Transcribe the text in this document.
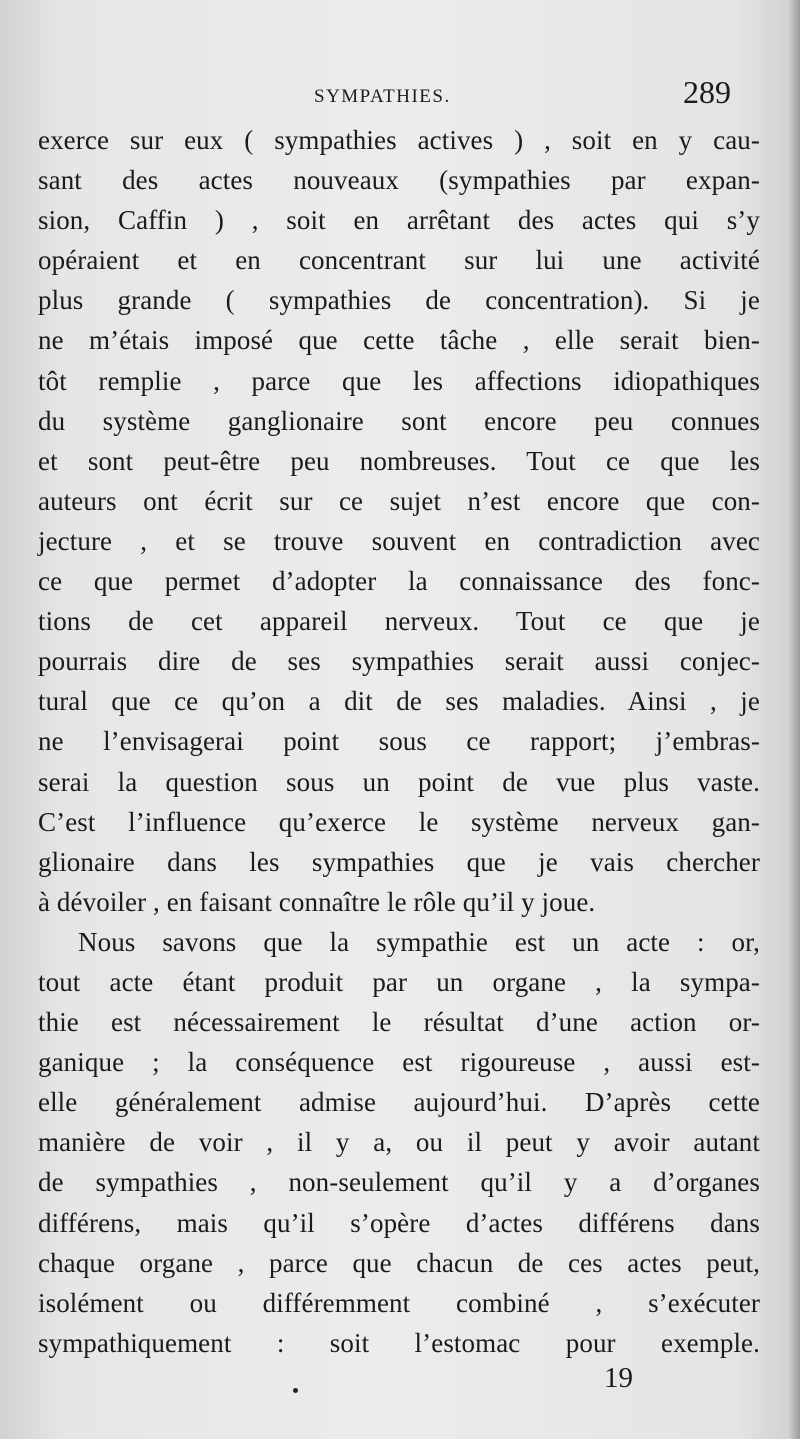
SYMPATHIES.	289
exerce sur eux ( sympathies actives ) , soit en y cau-
sant des actes nouveaux (sympathies par expan-
sion, Caffin ) , soit en arrêtant des actes qui s’y
opéraient et en concentrant sur lui une activité
plus grande ( sympathies de concentration). Si je
ne m’étais imposé que cette tâche , elle serait bien-
tôt remplie , parce que les affections idiopathiques
du système ganglionaire sont encore peu connues
et sont peut-être peu nombreuses. Tout ce que les
auteurs ont écrit sur ce sujet n’est encore que con-
jecture , et se trouve souvent en contradiction avec
ce que permet d’adopter la connaissance des fonc-
tions de cet appareil nerveux. Tout ce que je
pourrais dire de ses sympathies serait aussi conjec-
tural que ce qu’on a dit de ses maladies. Ainsi , je
ne l’envisagerai point sous ce rapport; j’embras-
serai la question sous un point de vue plus vaste.
C’est l’influence qu’exerce le système nerveux gan-
glionaire dans les sympathies que je vais chercher
à dévoiler , en faisant connaître le rôle qu’il y joue.
Nous savons que la sympathie est un acte : or,
tout acte étant produit par un organe , la sympa-
thie est nécessairement le résultat d’une action or-
ganique ; la conséquence est rigoureuse , aussi est-
elle généralement admise aujourd’hui. D’après cette
manière de voir , il y a, ou il peut y avoir autant
de sympathies , non-seulement qu’il y a d’organes
différens, mais qu’il s’opère d’actes différens dans
chaque organe , parce que chacun de ces actes peut,
isolément ou différemment combiné , s’exécuter
sympathiquement : soit l’estomac pour exemple.
19
